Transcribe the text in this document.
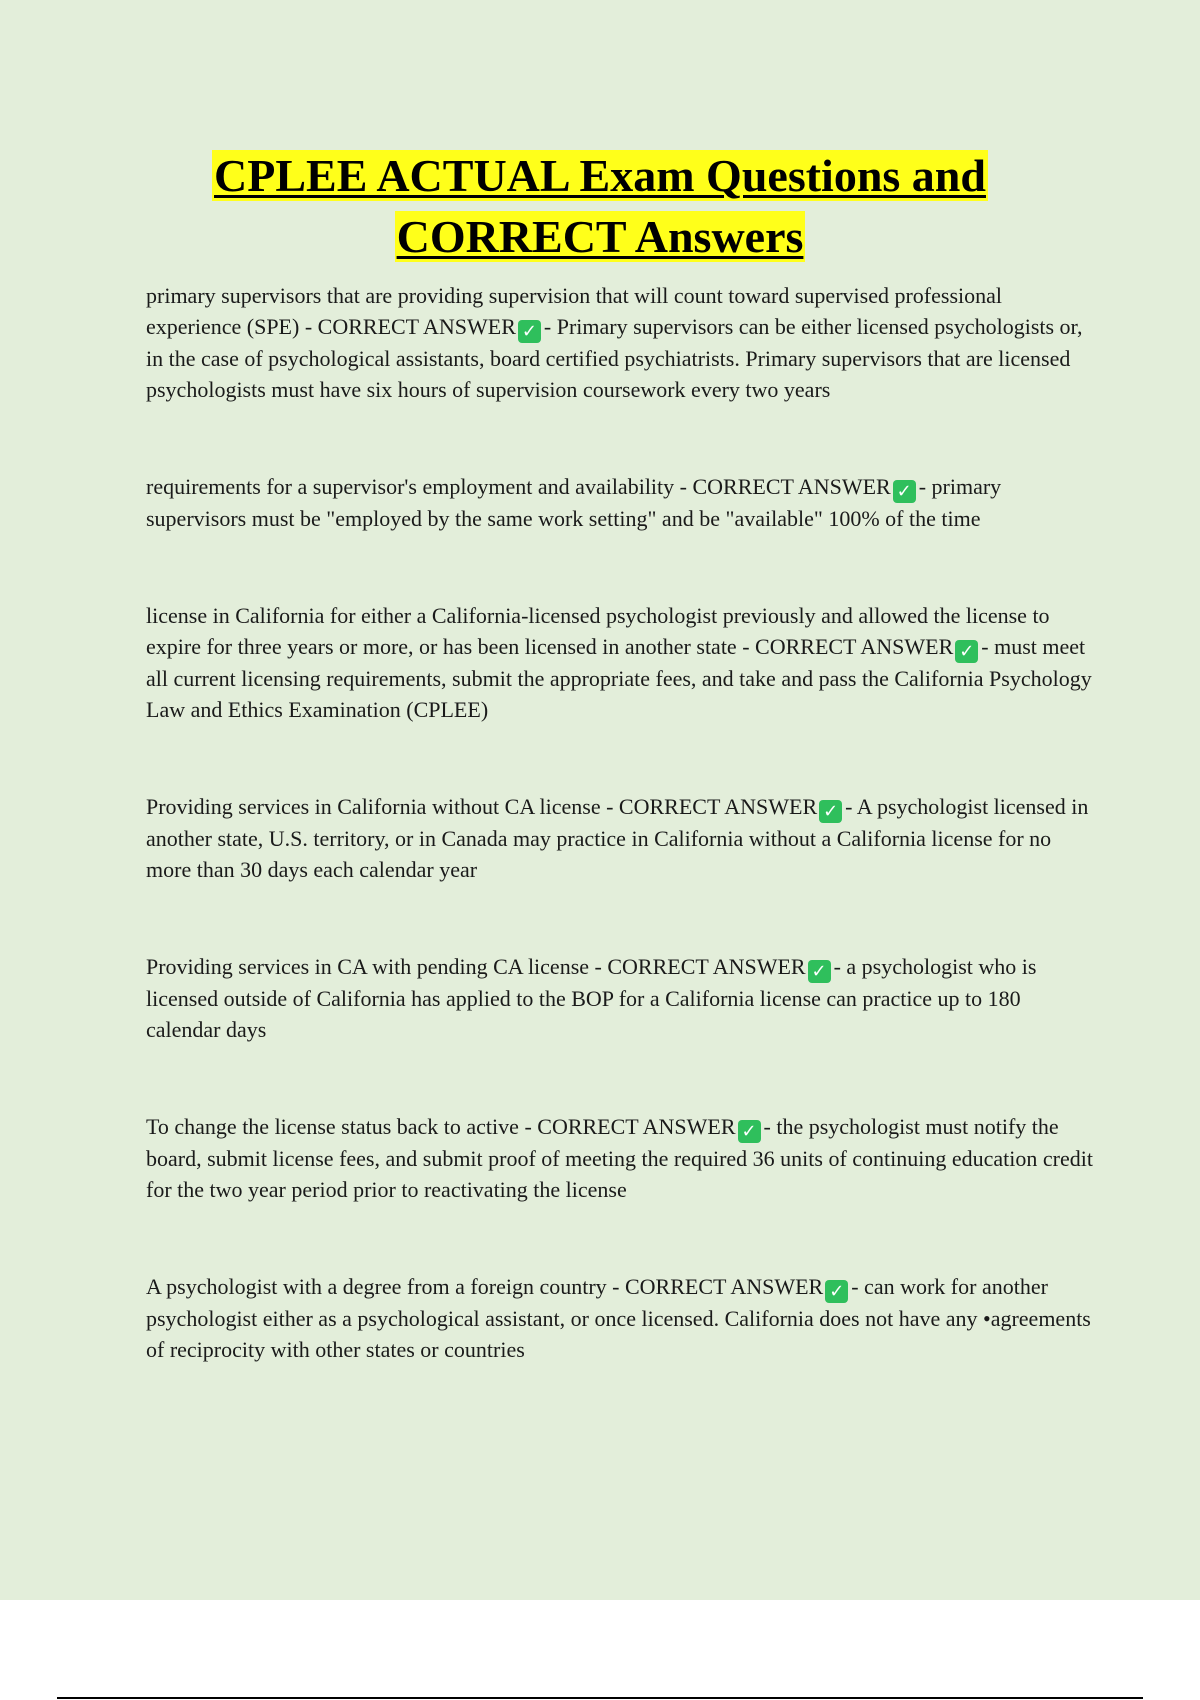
CPLEE ACTUAL Exam Questions and
CORRECT Answers

primary supervisors that are providing supervision that will count toward supervised professional experience (SPE) - CORRECT ANSWER ✓ - Primary supervisors can be either licensed psychologists or, in the case of psychological assistants, board certified psychiatrists. Primary supervisors that are licensed psychologists must have six hours of supervision coursework every two years

requirements for a supervisor's employment and availability - CORRECT ANSWER ✓ - primary supervisors must be "employed by the same work setting" and be "available" 100% of the time

license in California for either a California-licensed psychologist previously and allowed the license to expire for three years or more, or has been licensed in another state - CORRECT ANSWER ✓ - must meet all current licensing requirements, submit the appropriate fees, and take and pass the California Psychology Law and Ethics Examination (CPLEE)

Providing services in California without CA license - CORRECT ANSWER ✓ - A psychologist licensed in another state, U.S. territory, or in Canada may practice in California without a California license for no more than 30 days each calendar year

Providing services in CA with pending CA license - CORRECT ANSWER ✓ - a psychologist who is licensed outside of California has applied to the BOP for a California license can practice up to 180 calendar days

To change the license status back to active - CORRECT ANSWER ✓ - the psychologist must notify the board, submit license fees, and submit proof of meeting the required 36 units of continuing education credit for the two year period prior to reactivating the license

A psychologist with a degree from a foreign country - CORRECT ANSWER ✓ - can work for another psychologist either as a psychological assistant, or once licensed. California does not have any •agreements of reciprocity with other states or countries
